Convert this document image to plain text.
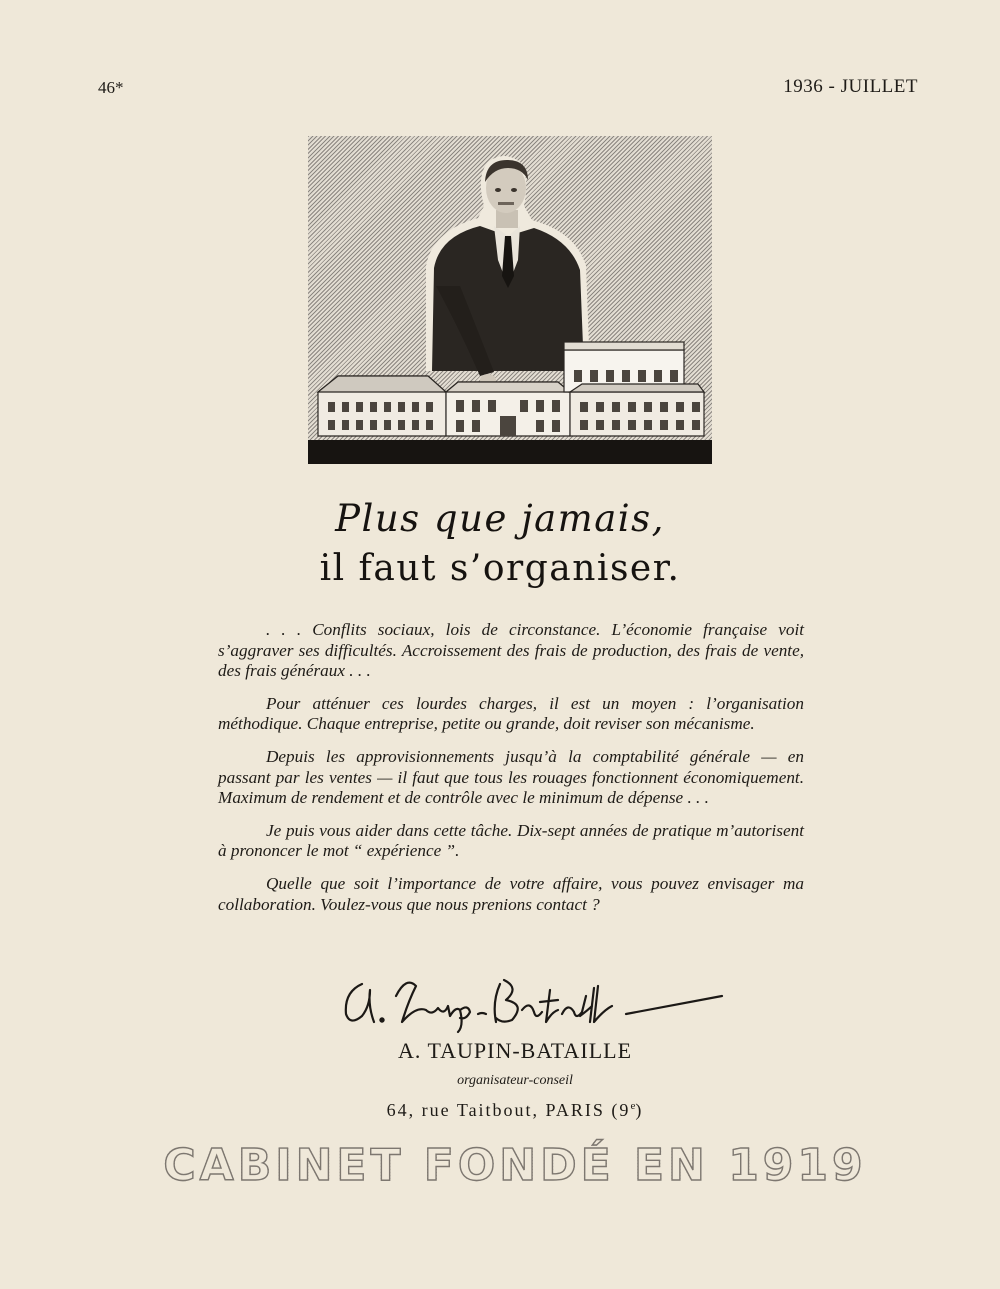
46*	1936 - JUILLET
Plus que jamais,
il faut s’organiser.

. . . Conflits sociaux, lois de circonstance. L’économie française voit s’aggraver ses difficultés. Accroissement des frais de production, des frais de vente, des frais généraux . . .

Pour atténuer ces lourdes charges, il est un moyen : l’organisation méthodique. Chaque entreprise, petite ou grande, doit reviser son mécanisme.

Depuis les approvisionnements jusqu’à la comptabilité générale — en passant par les ventes — il faut que tous les rouages fonctionnent économiquement. Maximum de rendement et de contrôle avec le minimum de dépense . . .

Je puis vous aider dans cette tâche. Dix-sept années de pratique m’autorisent à prononcer le mot “ expérience ”.

Quelle que soit l’importance de votre affaire, vous pouvez envisager ma collaboration. Voulez-vous que nous prenions contact ?

A. TAUPIN-BATAILLE
organisateur-conseil
64, rue Taitbout, PARIS (9e)
CABINET FONDÉ EN 1919
